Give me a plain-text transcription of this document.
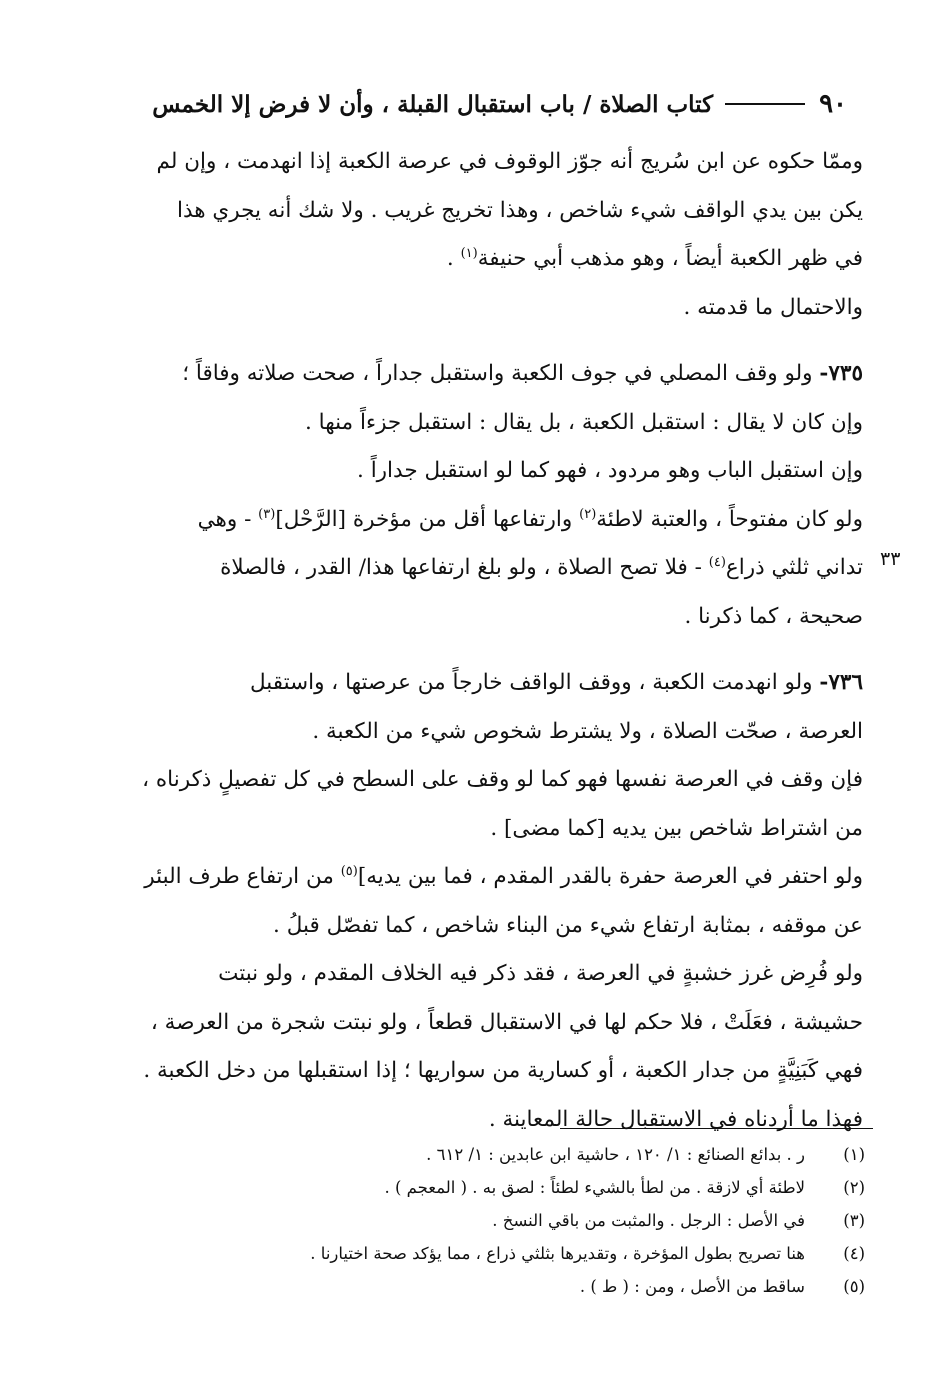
٩٠
كتاب الصلاة / باب استقبال القبلة ، وأن لا فرض إلا الخمس
وممّا حكوه عن ابن سُريج أنه جوّز الوقوف في عرصة الكعبة إذا انهدمت ، وإن لم
يكن بين يدي الواقف شيء شاخص ، وهذا تخريج غريب . ولا شك أنه يجري هذا
في ظهر الكعبة أيضاً ، وهو مذهب أبي حنيفة$^{(١)}$ .
والاحتمال ما قدمته .
٧٣٥- ولو وقف المصلي في جوف الكعبة واستقبل جداراً ، صحت صلاته وفاقاً ؛
وإن كان لا يقال : استقبل الكعبة ، بل يقال : استقبل جزءاً منها .
وإن استقبل الباب وهو مردود ، فهو كما لو استقبل جداراً .
ولو كان مفتوحاً ، والعتبة لاطئة$^{(٢)}$ وارتفاعها أقل من مؤخرة [الرَّحْل]$^{(٣)}$ - وهي
تداني ثلثي ذراع$^{(٤)}$ - فلا تصح الصلاة ، ولو بلغ ارتفاعها هذا/ القدر ، فالصلاة
صحيحة ، كما ذكرنا .
٧٣٦- ولو انهدمت الكعبة ، ووقف الواقف خارجاً من عرصتها ، واستقبل
العرصة ، صحّت الصلاة ، ولا يشترط شخوص شيء من الكعبة .
فإن وقف في العرصة نفسها فهو كما لو وقف على السطح في كل تفصيلٍ ذكرناه ،
من اشتراط شاخص بين يديه [كما مضى] .
ولو احتفر في العرصة حفرة بالقدر المقدم ، فما بين يديه]$^{(٥)}$ من ارتفاع طرف البئر
عن موقفه ، بمثابة ارتفاع شيء من البناء شاخص ، كما تفصّل قبلُ .
ولو فُرِض غرز خشبةٍ في العرصة ، فقد ذكر فيه الخلاف المقدم ، ولو نبتت
حشيشة ، فعَلَتْ ، فلا حكم لها في الاستقبال قطعاً ، ولو نبتت شجرة من العرصة ،
فهي كَبَنِيَّةٍ من جدار الكعبة ، أو كسارية من سواريها ؛ إذا استقبلها من دخل الكعبة .
فهذا ما أردناه في الاستقبال حالة المعاينة .
٣٣
(١)
ر . بدائع الصنائع : ١/ ١٢٠ ، حاشية ابن عابدين : ١/ ٦١٢ .
(٢)
لاطئة أي لازقة . من لطأ بالشيء لطئاً : لصق به . ( المعجم ) .
(٣)
في الأصل : الرجل . والمثبت من باقي النسخ .
(٤)
هنا تصريح بطول المؤخرة ، وتقديرها بثلثي ذراع ، مما يؤكد صحة اختيارنا .
(٥)
ساقط من الأصل ، ومن : ( ط ) .
